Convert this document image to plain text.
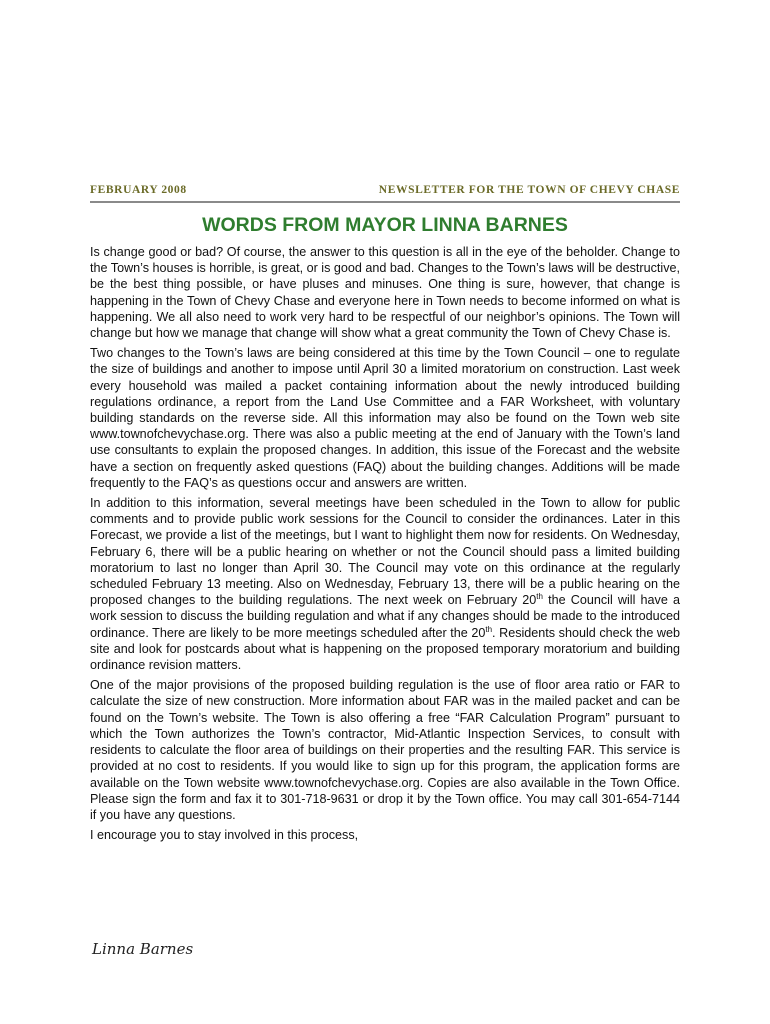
FEBRUARY 2008	NEWSLETTER FOR THE TOWN OF CHEVY CHASE
WORDS FROM MAYOR LINNA BARNES

Is change good or bad? Of course, the answer to this question is all in the eye of the beholder. Change to the Town’s houses is horrible, is great, or is good and bad. Changes to the Town’s laws will be destructive, be the best thing possible, or have pluses and minuses. One thing is sure, however, that change is happening in the Town of Chevy Chase and everyone here in Town needs to become informed on what is happening. We all also need to work very hard to be respectful of our neighbor’s opinions. The Town will change but how we manage that change will show what a great community the Town of Chevy Chase is.

Two changes to the Town’s laws are being considered at this time by the Town Council – one to regulate the size of buildings and another to impose until April 30 a limited moratorium on construction. Last week every household was mailed a packet containing information about the newly introduced building regulations ordinance, a report from the Land Use Committee and a FAR Worksheet, with voluntary building standards on the reverse side. All this information may also be found on the Town web site www.townofchevychase.org. There was also a public meeting at the end of January with the Town’s land use consultants to explain the proposed changes. In addition, this issue of the Forecast and the website have a section on frequently asked questions (FAQ) about the building changes. Additions will be made frequently to the FAQ’s as questions occur and answers are written.

In addition to this information, several meetings have been scheduled in the Town to allow for public comments and to provide public work sessions for the Council to consider the ordinances. Later in this Forecast, we provide a list of the meetings, but I want to highlight them now for residents. On Wednesday, February 6, there will be a public hearing on whether or not the Council should pass a limited building moratorium to last no longer than April 30. The Council may vote on this ordinance at the regularly scheduled February 13 meeting. Also on Wednesday, February 13, there will be a public hearing on the proposed changes to the building regulations. The next week on February 20th the Council will have a work session to discuss the building regulation and what if any changes should be made to the introduced ordinance. There are likely to be more meetings scheduled after the 20th. Residents should check the web site and look for postcards about what is happening on the proposed temporary moratorium and building ordinance revision matters.

One of the major provisions of the proposed building regulation is the use of floor area ratio or FAR to calculate the size of new construction. More information about FAR was in the mailed packet and can be found on the Town’s website. The Town is also offering a free “FAR Calculation Program” pursuant to which the Town authorizes the Town’s contractor, Mid-Atlantic Inspection Services, to consult with residents to calculate the floor area of buildings on their properties and the resulting FAR. This service is provided at no cost to residents. If you would like to sign up for this program, the application forms are available on the Town website www.townofchevychase.org. Copies are also available in the Town Office. Please sign the form and fax it to 301-718-9631 or drop it by the Town office. You may call 301-654-7144 if you have any questions.

I encourage you to stay involved in this process,

Linna Barnes
